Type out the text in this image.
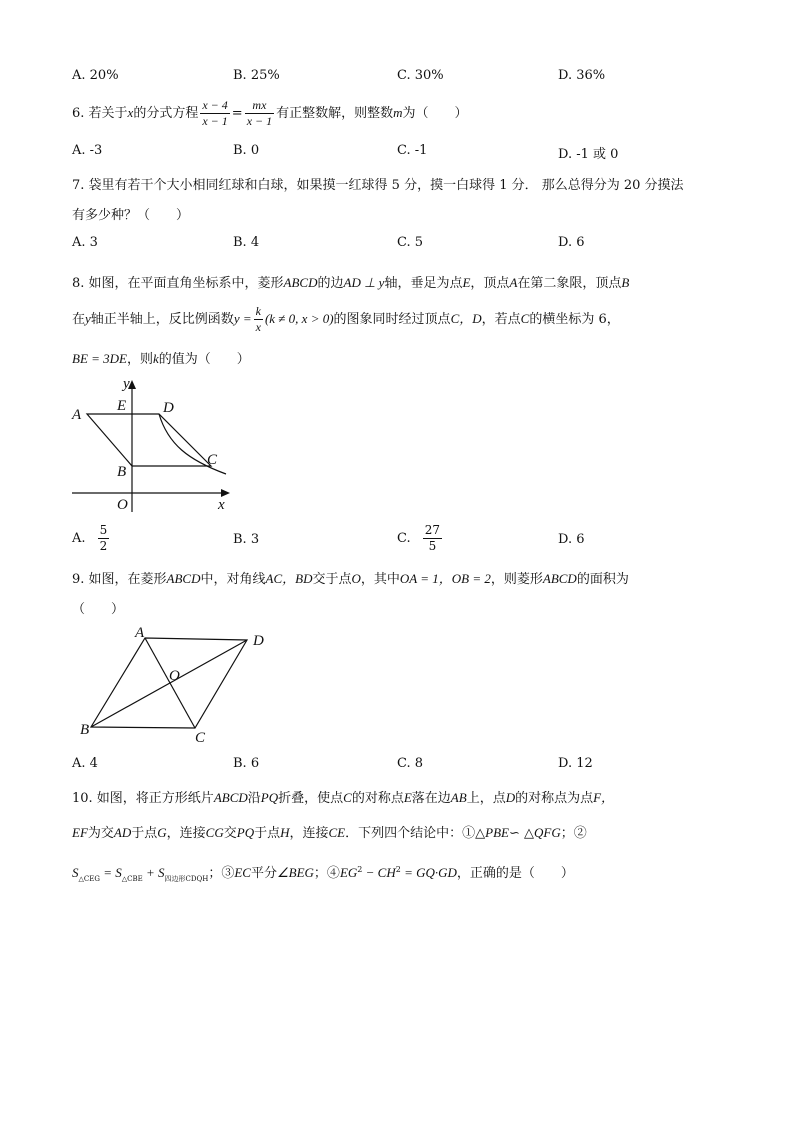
A. 20%	B. 25%	C. 30%	D. 36%
6. 若关于x的分式方程 $\frac{x - 4}{x - 1} = \frac{mx}{x - 1}$ 有正整数解，则整数m为（　　）
A. -3	B. 0	C. -1	D. -1 或 0
7. 袋里有若干个大小相同红球和白球，如果摸一红球得 5 分，摸一白球得 1 分． 那么总得分为 20 分摸法
有多少种？（　　）
A. 3	B. 4	C. 5	D. 6
8. 如图，在平面直角坐标系中，菱形ABCD的边AD ⊥ y轴，垂足为点E，顶点A在第二象限，顶点B
在y轴正半轴上，反比例函数$y = \frac{k}{x} (k \ne 0$, x > 0)的图象同时经过顶点C，D，若点C的横坐标为 6，
BE = 3DE，则k的值为（　　）
y
E D
A
C
B
O	x
A. $\frac{5}{2}$	B. 3	C. $\frac{27}{5}$	D. 6
9. 如图，在菱形ABCD中，对角线AC，BD交于点O，其中OA = 1，OB = 2，则菱形ABCD的面积为
（　　）
A	D
O
B	C
A. 4	B. 6	C. 8	D. 12
10. 如图，将正方形纸片ABCD沿PQ折叠，使点C的对称点E落在边AB上，点D的对称点为点F，
EF为交AD于点G，连接CG交PQ于点H，连接CE．下列四个结论中：①△PBE∽ △QFG；②
$S_{\triangle CEG} = S_{\triangle CBE} + S_{四边形CDQH}$；③EC平分∠BEG；$④EG^2 - CH^2 = GQ\cdot GD$，正确的是（　　）
